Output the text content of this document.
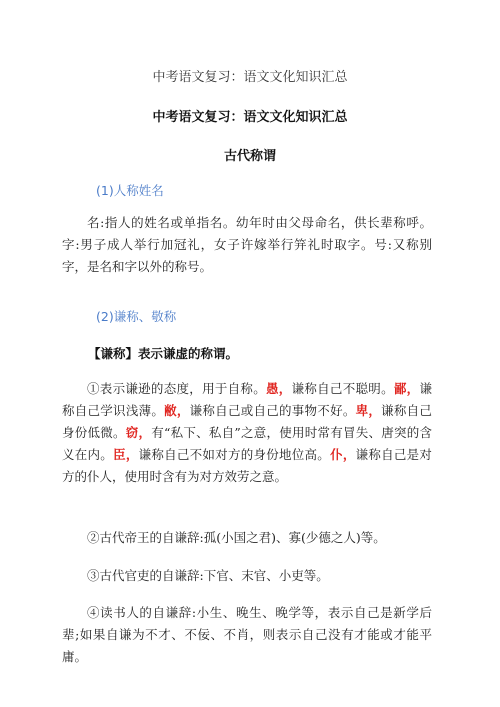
中考语文复习：语文文化知识汇总
中考语文复习：语文文化知识汇总
古代称谓
(1)人称姓名

名:指人的姓名或单指名。幼年时由父母命名，供长辈称呼。字:男子成人举行加冠礼，女子许嫁举行笄礼时取字。号:又称别字，是名和字以外的称号。

(2)谦称、敬称
【谦称】表示谦虚的称谓。

①表示谦逊的态度，用于自称。愚，谦称自己不聪明。鄙，谦称自己学识浅薄。敝，谦称自己或自己的事物不好。卑，谦称自己身份低微。窃，有“私下、私自”之意，使用时常有冒失、唐突的含义在内。臣，谦称自己不如对方的身份地位高。仆，谦称自己是对方的仆人，使用时含有为对方效劳之意。

②古代帝王的自谦辞:孤(小国之君)、寡(少德之人)等。

③古代官吏的自谦辞:下官、末官、小吏等。

④读书人的自谦辞:小生、晚生、晚学等，表示自己是新学后辈;如果自谦为不才、不佞、不肖，则表示自己没有才能或才能平庸。
